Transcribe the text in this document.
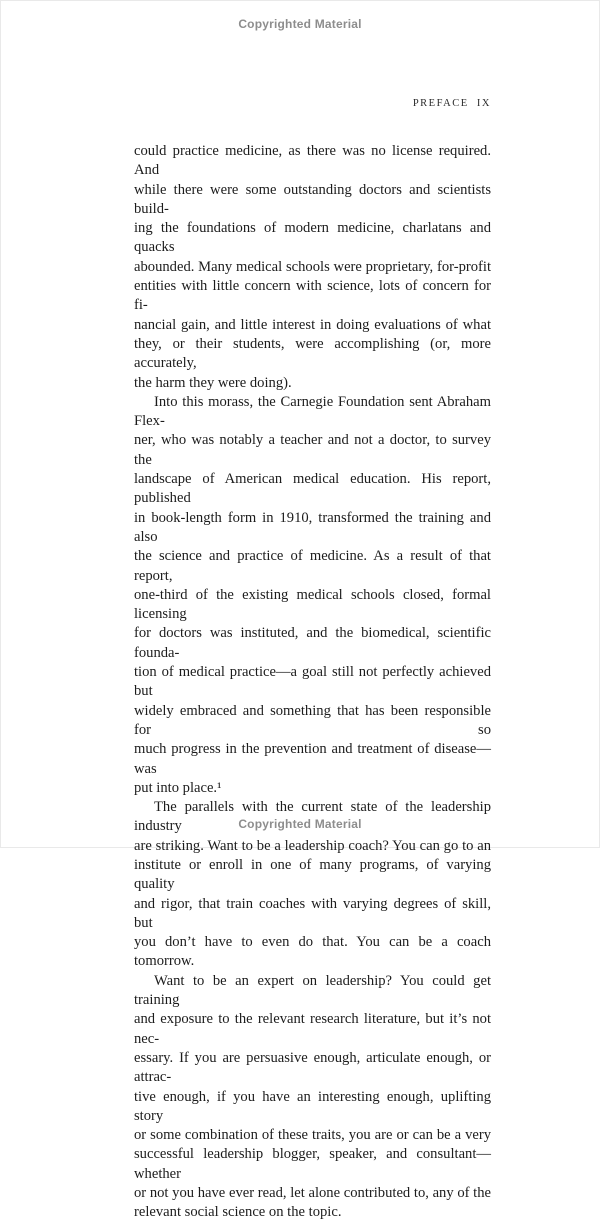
Copyrighted Material
PREFACE  IX
could practice medicine, as there was no license required. And
while there were some outstanding doctors and scientists build-
ing the foundations of modern medicine, charlatans and quacks
abounded. Many medical schools were proprietary, for-profit
entities with little concern with science, lots of concern for fi-
nancial gain, and little interest in doing evaluations of what
they, or their students, were accomplishing (or, more accurately,
the harm they were doing).
Into this morass, the Carnegie Foundation sent Abraham Flex-
ner, who was notably a teacher and not a doctor, to survey the
landscape of American medical education. His report, published
in book-length form in 1910, transformed the training and also
the science and practice of medicine. As a result of that report,
one-third of the existing medical schools closed, formal licensing
for doctors was instituted, and the biomedical, scientific founda-
tion of medical practice—a goal still not perfectly achieved but
widely embraced and something that has been responsible for so
much progress in the prevention and treatment of disease—was
put into place.¹
The parallels with the current state of the leadership industry
are striking. Want to be a leadership coach? You can go to an
institute or enroll in one of many programs, of varying quality
and rigor, that train coaches with varying degrees of skill, but
you don’t have to even do that. You can be a coach tomorrow.
Want to be an expert on leadership? You could get training
and exposure to the relevant research literature, but it’s not nec-
essary. If you are persuasive enough, articulate enough, or attrac-
tive enough, if you have an interesting enough, uplifting story
or some combination of these traits, you are or can be a very
successful leadership blogger, speaker, and consultant—whether
or not you have ever read, let alone contributed to, any of the
relevant social science on the topic.
Copyrighted Material
